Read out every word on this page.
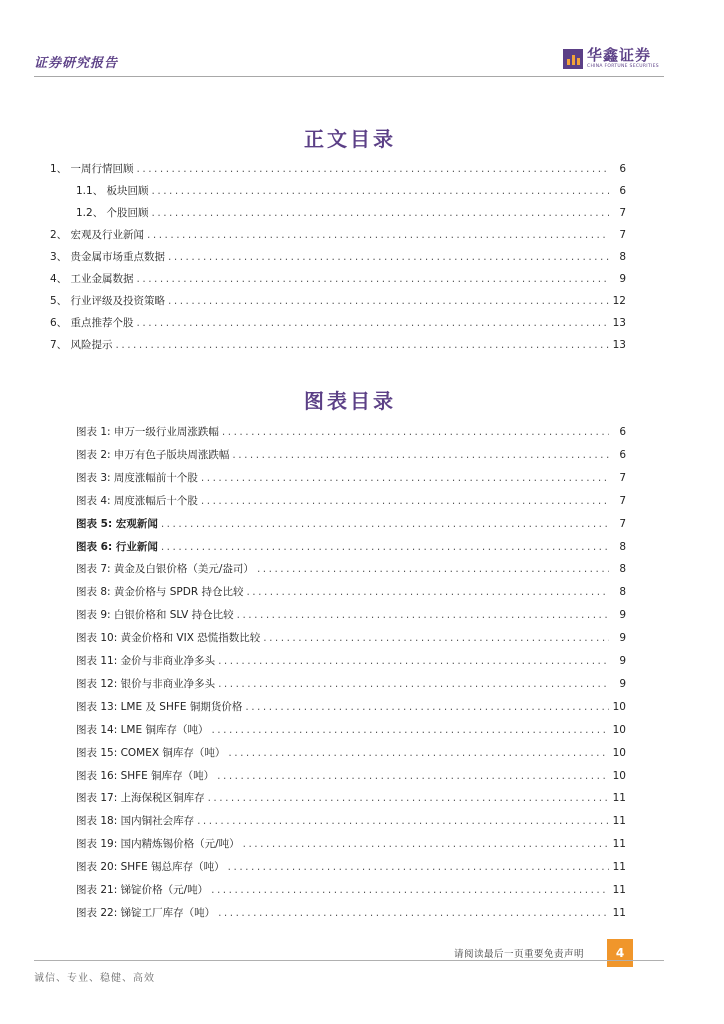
证券研究报告	华鑫证券
CHINA FORTUNE SECURITIES
正文目录
1、 一周行情回顾 .....	6
1.1、 板块回顾 .....	6
1.2、 个股回顾 .....	7
2、 宏观及行业新闻 .....	7
3、 贵金属市场重点数据 .....	8
4、 工业金属数据 .....	9
5、 行业评级及投资策略 .....	12
6、 重点推荐个股 .....	13
7、 风险提示 .....	13
图表目录
图表 1: 申万一级行业周涨跌幅 .....	6
图表 2: 申万有色子版块周涨跌幅 .....	6
图表 3: 周度涨幅前十个股 .....	7
图表 4: 周度涨幅后十个股 .....	7
图表 5: 宏观新闻 .....	7
图表 6: 行业新闻 .....	8
图表 7: 黄金及白银价格（美元/盎司） .....	8
图表 8: 黄金价格与 SPDR 持仓比较 .....	8
图表 9: 白银价格和 SLV 持仓比较 .....	9
图表 10: 黄金价格和 VIX 恐慌指数比较 .....	9
图表 11: 金价与非商业净多头 .....	9
图表 12: 银价与非商业净多头 .....	9
图表 13: LME 及 SHFE 铜期货价格 .....	10
图表 14: LME 铜库存（吨） .....	10
图表 15: COMEX 铜库存（吨） .....	10
图表 16: SHFE 铜库存（吨） .....	10
图表 17: 上海保税区铜库存 .....	11
图表 18: 国内铜社会库存 .....	11
图表 19: 国内精炼锡价格（元/吨） .....	11
图表 20: SHFE 锡总库存（吨） .....	11
图表 21: 锑锭价格（元/吨） .....	11
图表 22: 锑锭工厂库存（吨） .....	11
请阅读最后一页重要免责声明	4
诚信、专业、稳健、高效
